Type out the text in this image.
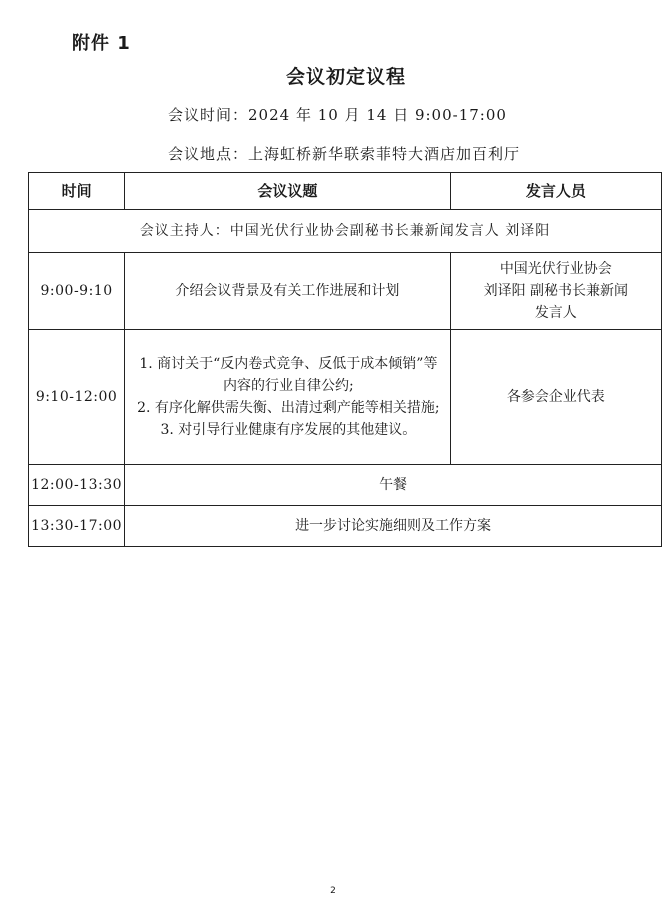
附件 1
会议初定议程
会议时间：2024 年 10 月 14 日 9:00-17:00
会议地点：上海虹桥新华联索菲特大酒店加百利厅
时间	会议议题	发言人员
会议主持人：中国光伏行业协会副秘书长兼新闻发言人 刘译阳		
9:00-9:10	介绍会议背景及有关工作进展和计划	中国光伏行业协会
刘译阳 副秘书长兼新闻
发言人

9:10-12:00	1. 商讨关于“反内卷式竞争、反低于成本倾销”等内容的行业自律公约;
2. 有序化解供需失衡、出清过剩产能等相关措施;
3. 对引导行业健康有序发展的其他建议。	各参会企业代表
12:00-13:30	午餐	
13:30-17:00	进一步讨论实施细则及工作方案	
2
